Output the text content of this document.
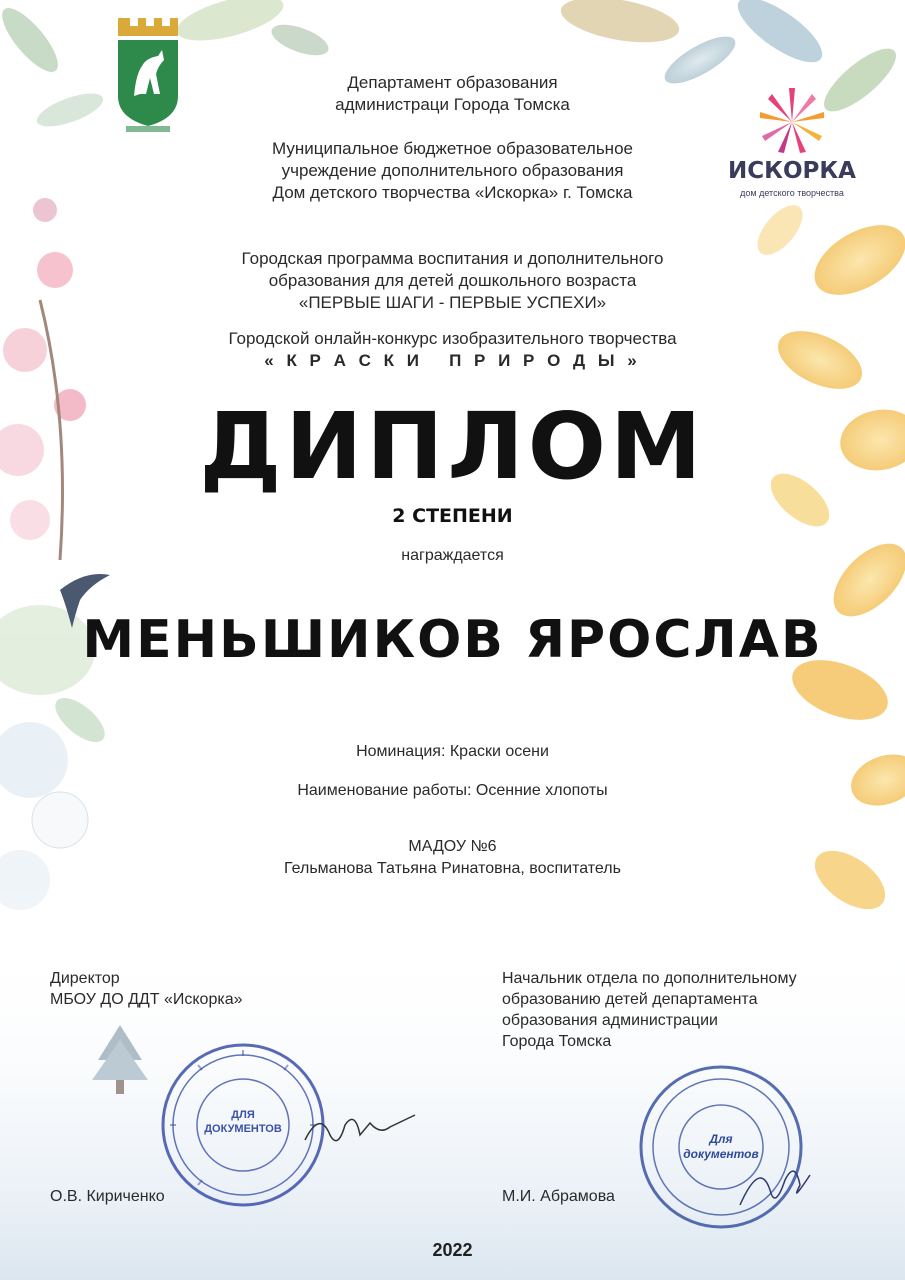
ИСКОРКА
дом детского творчества
Департамент образования
администраци Города Томска
Муниципальное бюджетное образовательное
учреждение дополнительного образования
Дом детского творчества «Искорка» г. Томска
Городская программа воспитания и дополнительного
образования для детей дошкольного возраста
«ПЕРВЫЕ ШАГИ - ПЕРВЫЕ УСПЕХИ»
Городской онлайн-конкурс изобразительного творчества
« К Р А С К И   П Р И Р О Д Ы »
ДИПЛОМ
2 СТЕПЕНИ
награждается
МЕНЬШИКОВ ЯРОСЛАВ
Номинация: Краски осени
Наименование работы: Осенние хлопоты
МАДОУ №6
Гельманова Татьяна Ринатовна, воспитатель
Директор
МБОУ ДО ДДТ «Искорка»
О.В. Кириченко
ДЛЯ ДОКУМЕНТОВ
Начальник отдела по дополнительному
образованию детей департамента
образования администрации
Города Томска
М.И. Абрамова
Для документов
2022
